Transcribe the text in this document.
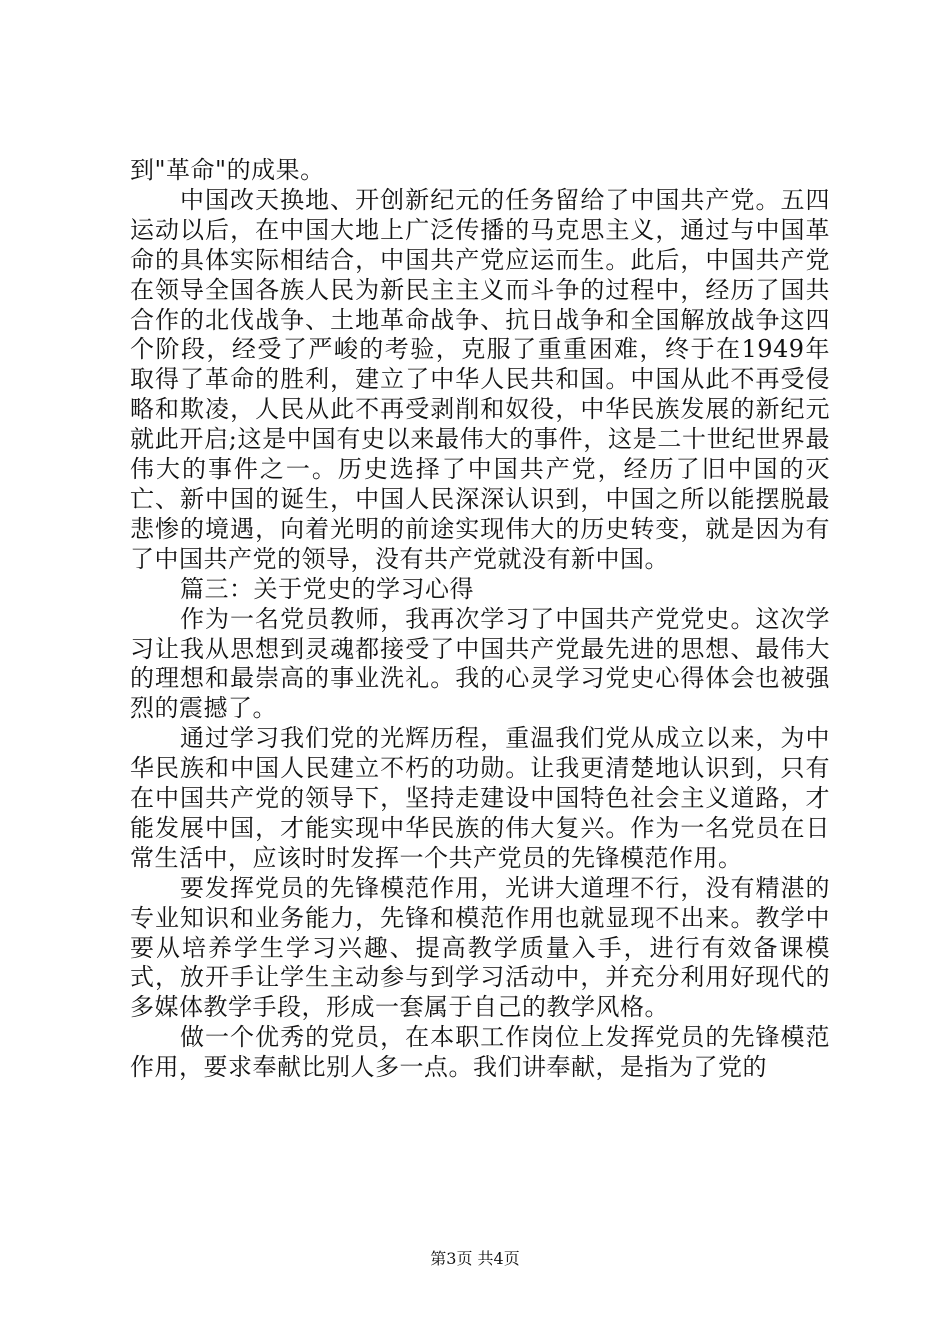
到"革命"的成果。

中国改天换地、开创新纪元的任务留给了中国共产党。五四运动以后，在中国大地上广泛传播的马克思主义，通过与中国革命的具体实际相结合，中国共产党应运而生。此后，中国共产党在领导全国各族人民为新民主主义而斗争的过程中，经历了国共合作的北伐战争、土地革命战争、抗日战争和全国解放战争这四个阶段，经受了严峻的考验，克服了重重困难，终于在1949年取得了革命的胜利，建立了中华人民共和国。中国从此不再受侵略和欺凌，人民从此不再受剥削和奴役，中华民族发展的新纪元就此开启;这是中国有史以来最伟大的事件，这是二十世纪世界最伟大的事件之一。历史选择了中国共产党，经历了旧中国的灭亡、新中国的诞生，中国人民深深认识到，中国之所以能摆脱最悲惨的境遇，向着光明的前途实现伟大的历史转变，就是因为有了中国共产党的领导，没有共产党就没有新中国。

篇三：关于党史的学习心得

作为一名党员教师，我再次学习了中国共产党党史。这次学习让我从思想到灵魂都接受了中国共产党最先进的思想、最伟大的理想和最崇高的事业洗礼。我的心灵学习党史心得体会也被强烈的震撼了。

通过学习我们党的光辉历程，重温我们党从成立以来，为中华民族和中国人民建立不朽的功勋。让我更清楚地认识到，只有在中国共产党的领导下，坚持走建设中国特色社会主义道路，才能发展中国，才能实现中华民族的伟大复兴。作为一名党员在日常生活中，应该时时发挥一个共产党员的先锋模范作用。

要发挥党员的先锋模范作用，光讲大道理不行，没有精湛的专业知识和业务能力，先锋和模范作用也就显现不出来。教学中要从培养学生学习兴趣、提高教学质量入手，进行有效备课模式，放开手让学生主动参与到学习活动中，并充分利用好现代的多媒体教学手段，形成一套属于自己的教学风格。

做一个优秀的党员，在本职工作岗位上发挥党员的先锋模范作用，要求奉献比别人多一点。我们讲奉献，是指为了党的

第3页 共4页
